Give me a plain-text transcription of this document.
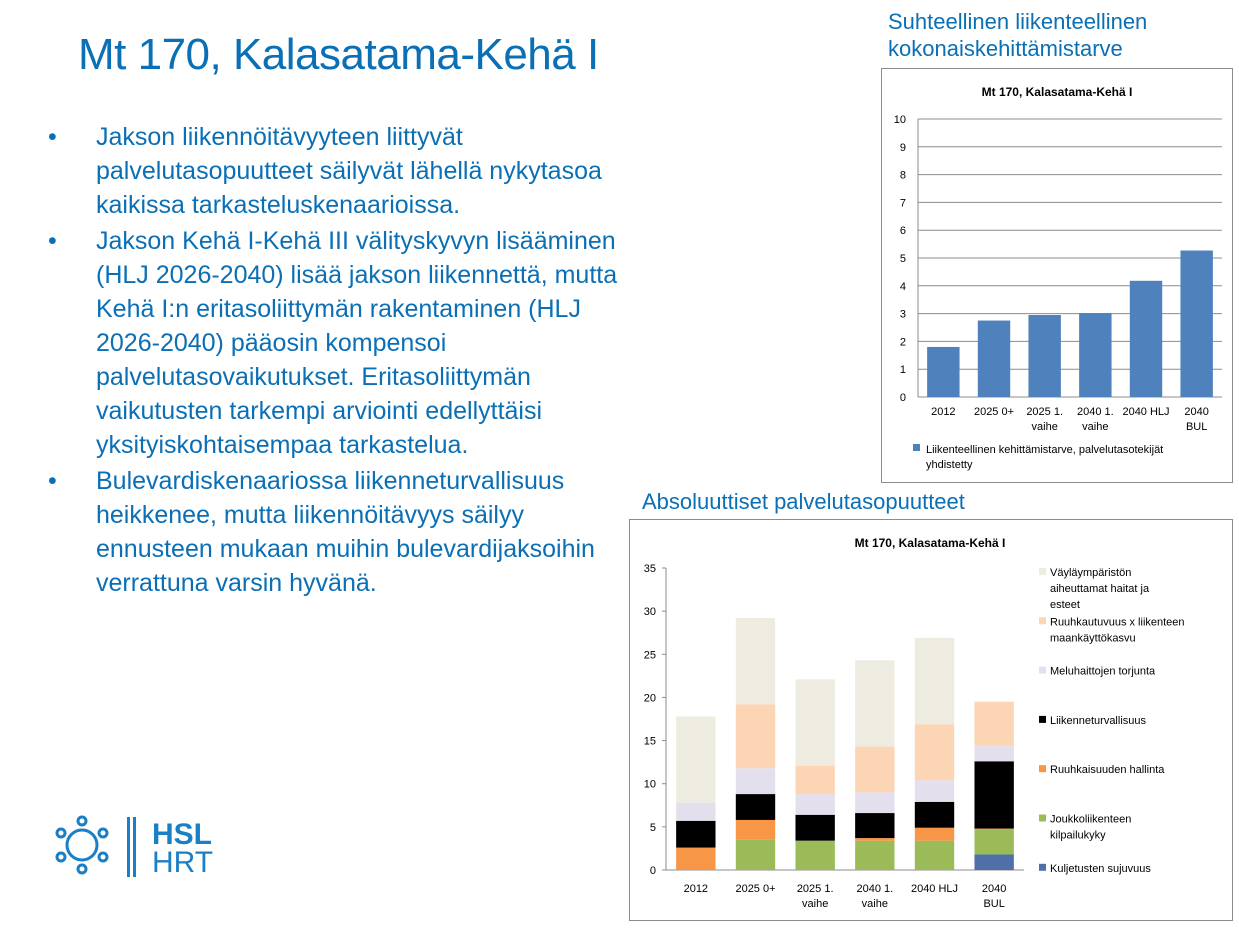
Mt 170, Kalasatama-Kehä I
• Jakson liikennöitävyyteen liittyvät palvelutasopuutteet säilyvät lähellä nykytasoa kaikissa tarkasteluskenaarioissa.
• Jakson Kehä I-Kehä III välityskyvyn lisääminen (HLJ 2026-2040) lisää jakson liikennettä, mutta Kehä I:n eritasoliittymän rakentaminen (HLJ 2026-2040) pääosin kompensoi palvelutasovaikutukset. Eritasoliittymän vaikutusten tarkempi arviointi edellyttäisi yksityiskohtaisempaa tarkastelua.
• Bulevardiskenaariossa liikenneturvallisuus heikkenee, mutta liikennöitävyys säilyy ennusteen mukaan muihin bulevardijaksoihin verrattuna varsin hyvänä.

Suhteellinen liikenteellinen kokonaiskehittämistarve

Absoluuttiset palvelutasopuutteet

Mt 170, Kalasatama-Kehä I
0
1
2
3
4
5
6
7
8
9
10
2012 2025 0+ 2025 1.
vaihe
2040 1.
vaihe
2040 HLJ 2040
BUL
Liikenteellinen kehittämistarve, palvelutasotekijät
yhdistetty
Mt 170, Kalasatama-Kehä I
0
5
10
15
20
25
30
35
2012 2025 0+ 2025 1.
vaihe
2040 1.
vaihe
2040 HLJ 2040
BUL
Väyläympäristön
aiheuttamat haitat ja
esteet
Ruuhkautuvuus x liikenteen
maankäyttökasvu
Meluhaittojen torjunta
Liikenneturvallisuus
Ruuhkaisuuden hallinta
Joukkoliikenteen
kilpailukyky
Kuljetusten sujuvuus
HSL
HRT
